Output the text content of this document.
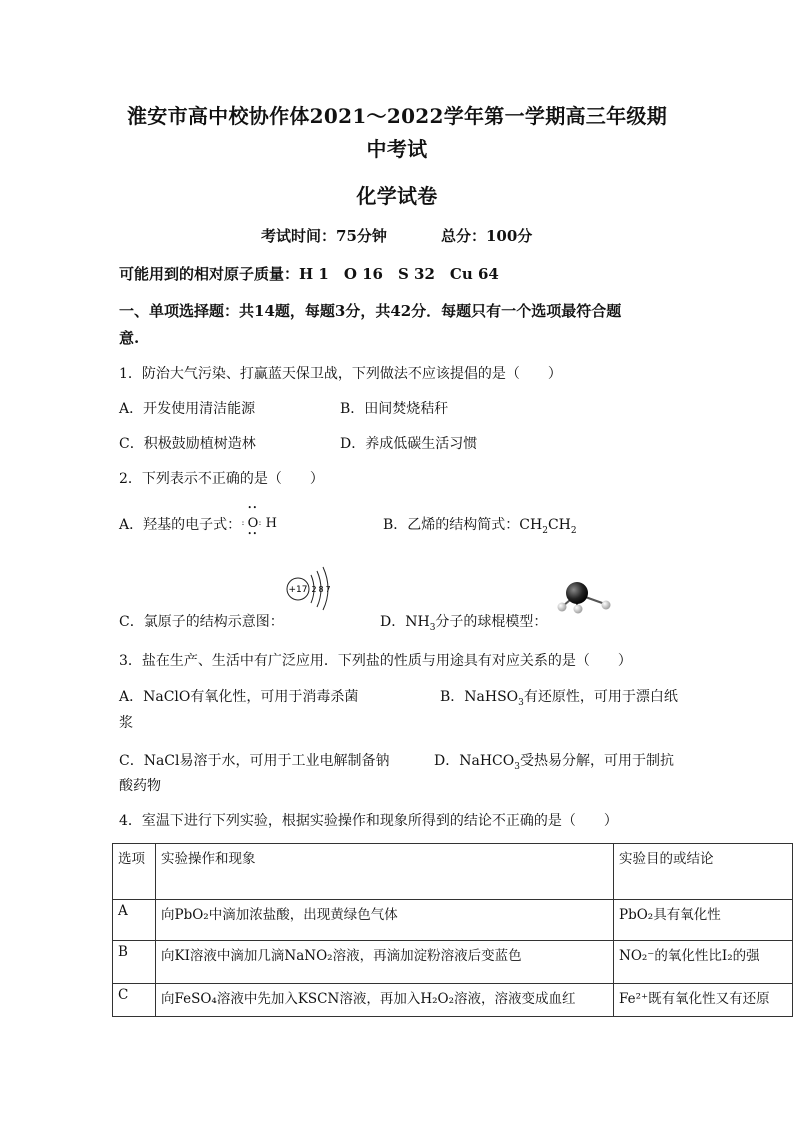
淮安市高中校协作体2021～2022学年第一学期高三年级期
中考试
化学试卷
考试时间：75分钟	总分：100分
可能用到的相对原子质量：H 1　O 16　S 32　Cu 64
一、单项选择题：共14题，每题3分，共42分．每题只有一个选项最符合题
意.
1．防治大气污染、打赢蓝天保卫战，下列做法不应该提倡的是（　　）
A．开发使用清洁能源	B．田间焚烧秸秆
C．积极鼓励植树造林	D．养成低碳生活习惯
2．下列表示不正确的是（　　）
A．羟基的电子式：
••
: O :
••
H	B．乙烯的结构简式：$CH_2CH_2$
+17 2 8 7
C．氯原子的结构示意图：	D．$NH_3$分子的球棍模型：
3．盐在生产、生活中有广泛应用．下列盐的性质与用途具有对应关系的是（　　）
A．NaClO有氧化性，可用于消毒杀菌	B．NaHSO$_3$有还原性，可用于漂白纸
浆
C．NaCl易溶于水，可用于工业电解制备钠	D．NaHCO$_3$受热易分解，可用于制抗
酸药物
4．室温下进行下列实验，根据实验操作和现象所得到的结论不正确的是（　　）
选项	实验操作和现象	实验目的或结论
A	向PbO₂中滴加浓盐酸，出现黄绿色气体	PbO₂具有氧化性
B	向KI溶液中滴加几滴NaNO₂溶液，再滴加淀粉溶液后变蓝色	NO₂⁻的氧化性比I₂的强
C	向FeSO₄溶液中先加入KSCN溶液，再加入H₂O₂溶液，溶液变成血红	Fe²⁺既有氧化性又有还原
